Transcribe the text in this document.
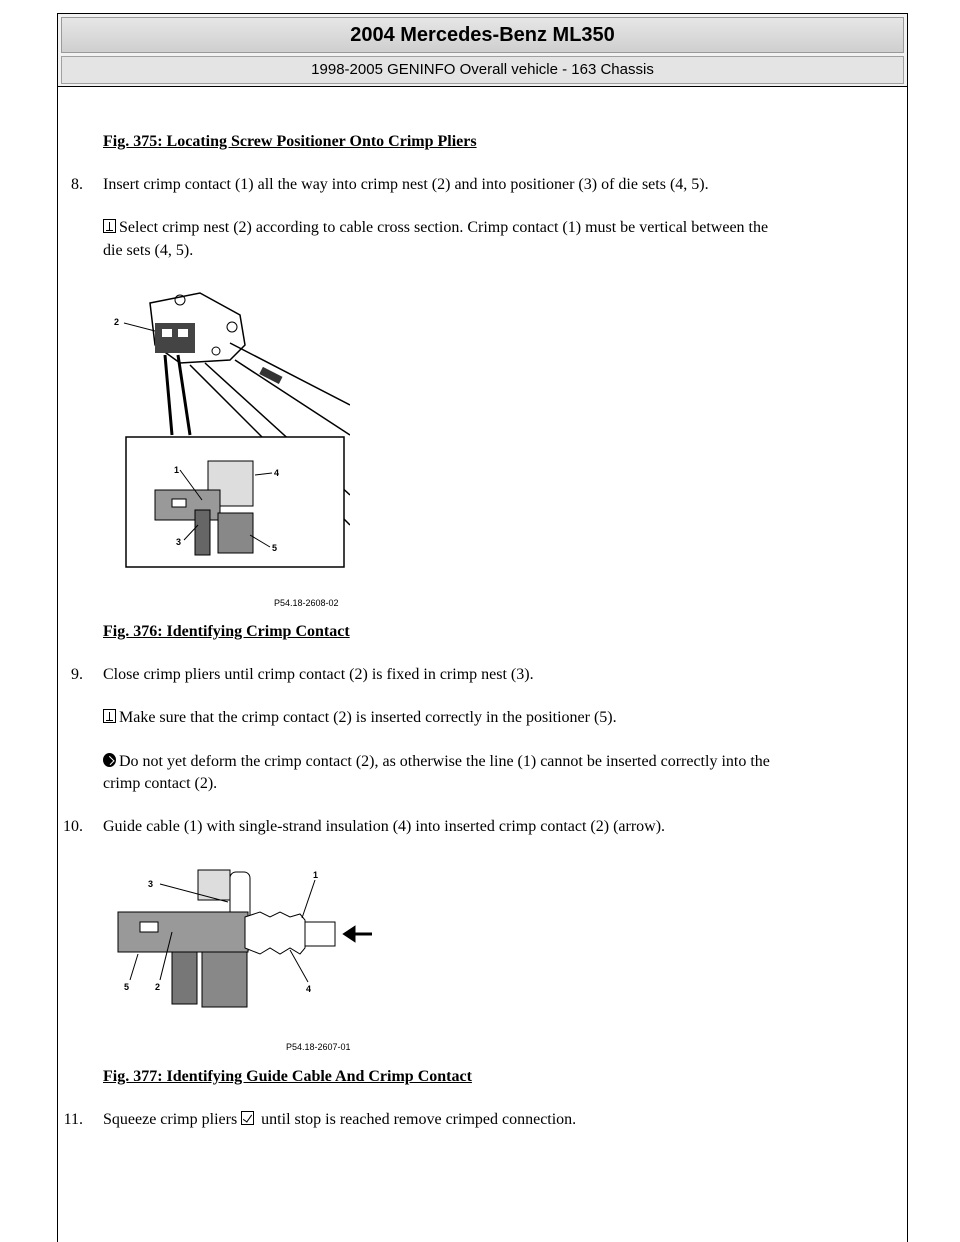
2004 Mercedes-Benz ML350
1998-2005 GENINFO Overall vehicle - 163 Chassis
Fig. 375: Locating Screw Positioner Onto Crimp Pliers
8. Insert crimp contact (1) all the way into crimp nest (2) and into positioner (3) of die sets (4, 5).
Select crimp nest (2) according to cable cross section. Crimp contact (1) must be vertical between the
die sets (4, 5).
2
1	4
3
5
P54.18-2608-02
Fig. 376: Identifying Crimp Contact
9. Close crimp pliers until crimp contact (2) is fixed in crimp nest (3).
Make sure that the crimp contact (2) is inserted correctly in the positioner (5).
Do not yet deform the crimp contact (2), as otherwise the line (1) cannot be inserted correctly into the
crimp contact (2).
10. Guide cable (1) with single-strand insulation (4) into inserted crimp contact (2) (arrow).
3
1
5	2	4
P54.18-2607-01
Fig. 377: Identifying Guide Cable And Crimp Contact
11. Squeeze crimp pliers until stop is reached remove crimped connection.
